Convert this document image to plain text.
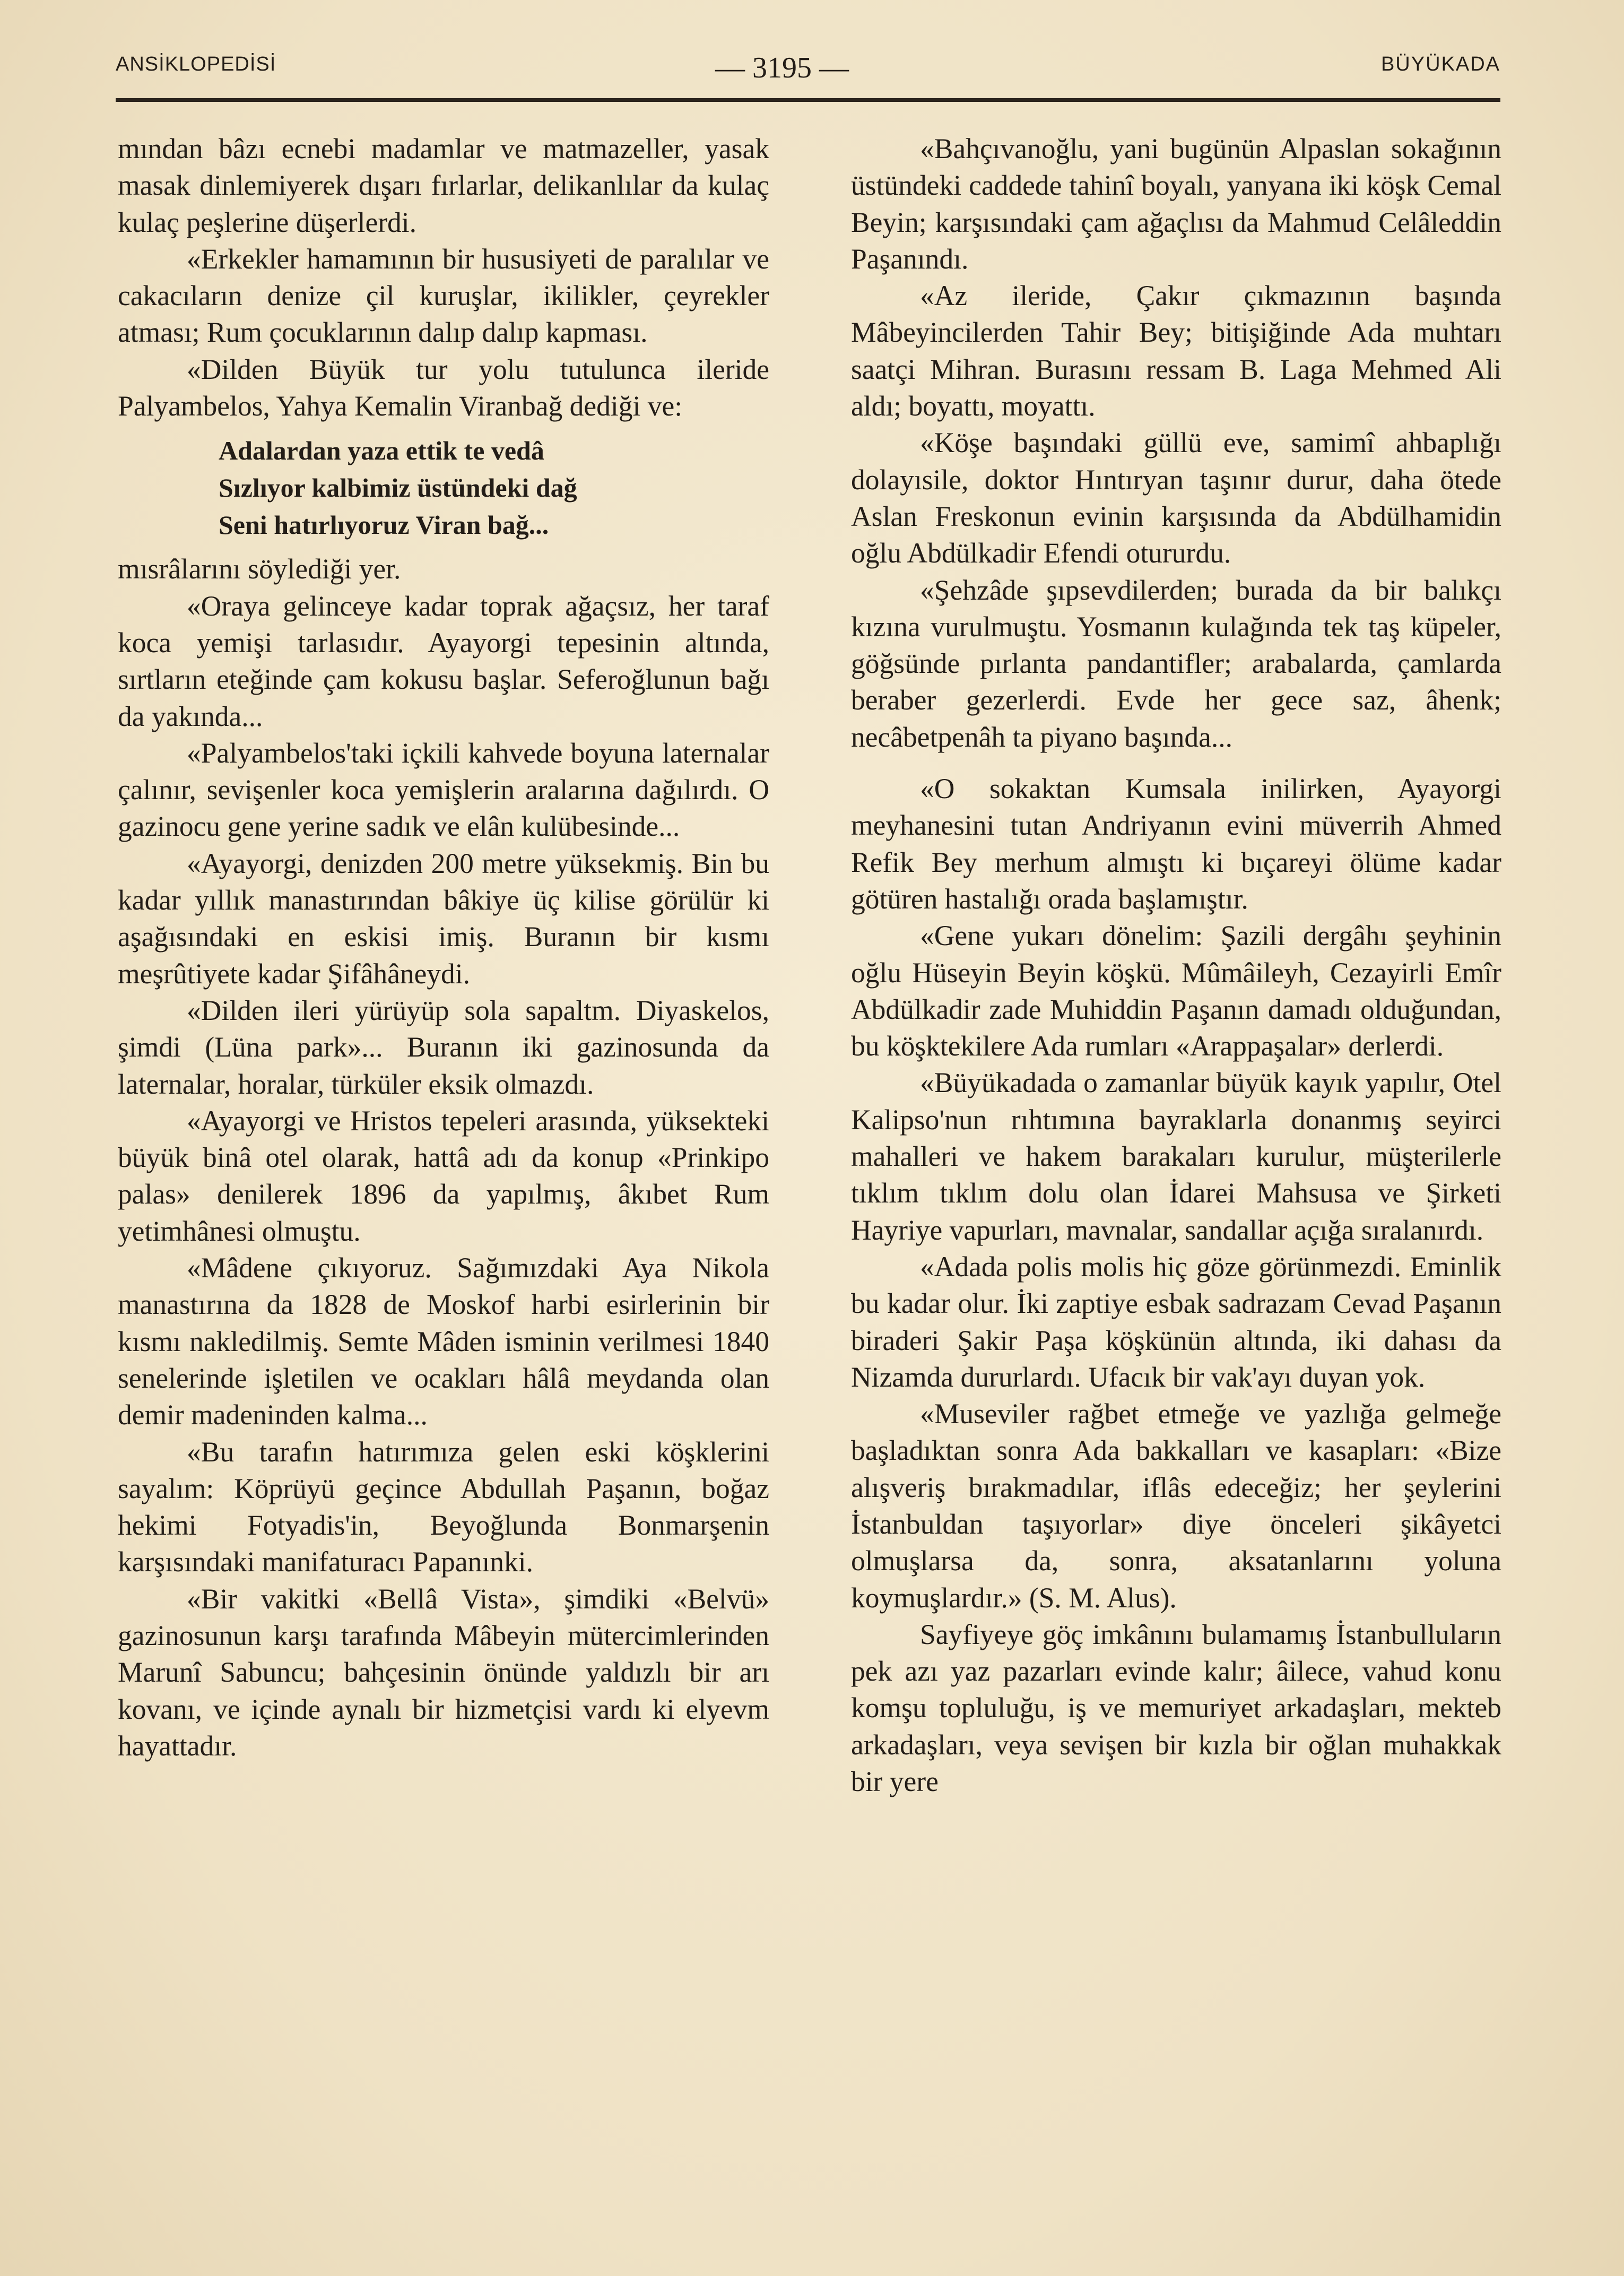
ANSİKLOPEDİSİ	— 3195 —	BÜYÜKADA

mından bâzı ecnebi madamlar ve matmazeller, yasak masak dinlemiyerek dışarı fırlarlar, delikanlılar da kulaç kulaç peşlerine düşerlerdi.

«Erkekler hamamının bir hususiyeti de paralılar ve cakacıların denize çil kuruşlar, ikilikler, çeyrekler atması; Rum çocuklarının dalıp dalıp kapması.

«Dilden Büyük tur yolu tutulunca ileride Palyambelos, Yahya Kemalin Viranbağ dediği ve:

Adalardan yaza ettik te vedâ
Sızlıyor kalbimiz üstündeki dağ
Seni hatırlıyoruz Viran bağ...

mısrâlarını söylediği yer.

«Oraya gelinceye kadar toprak ağaçsız, her taraf koca yemişi tarlasıdır. Ayayorgi tepesinin altında, sırtların eteğinde çam kokusu başlar. Seferoğlunun bağı da yakında...

«Palyambelos'taki içkili kahvede boyuna laternalar çalınır, sevişenler koca yemişlerin aralarına dağılırdı. O gazinocu gene yerine sadık ve elân kulübesinde...

«Ayayorgi, denizden 200 metre yüksekmiş. Bin bu kadar yıllık manastırından bâkiye üç kilise görülür ki aşağısındaki en eskisi imiş. Buranın bir kısmı meşrûtiyete kadar Şifâhâneydi.

«Dilden ileri yürüyüp sola sapaltm. Diyaskelos, şimdi (Lüna park»... Buranın iki gazinosunda da laternalar, horalar, türküler eksik olmazdı.

«Ayayorgi ve Hristos tepeleri arasında, yüksekteki büyük binâ otel olarak, hattâ adı da konup «Prinkipo palas» denilerek 1896 da yapılmış, âkıbet Rum yetimhânesi olmuştu.

«Mâdene çıkıyoruz. Sağımızdaki Aya Nikola manastırına da 1828 de Moskof harbi esirlerinin bir kısmı nakledilmiş. Semte Mâden isminin verilmesi 1840 senelerinde işletilen ve ocakları hâlâ meydanda olan demir madeninden kalma...

«Bu tarafın hatırımıza gelen eski köşklerini sayalım: Köprüyü geçince Abdullah Paşanın, boğaz hekimi Fotyadis'in, Beyoğlunda Bonmarşenin karşısındaki manifaturacı Papanınki.

«Bir vakitki «Bellâ Vista», şimdiki «Belvü» gazinosunun karşı tarafında Mâbeyin mütercimlerinden Marunî Sabuncu; bahçesinin önünde yaldızlı bir arı kovanı, ve içinde aynalı bir hizmetçisi vardı ki elyevm hayattadır.

«Bahçıvanoğlu, yani bugünün Alpaslan sokağının üstündeki caddede tahinî boyalı, yanyana iki köşk Cemal Beyin; karşısındaki çam ağaçlısı da Mahmud Celâleddin Paşanındı.

«Az ileride, Çakır çıkmazının başında Mâbeyincilerden Tahir Bey; bitişiğinde Ada muhtarı saatçi Mihran. Burasını ressam B. Laga Mehmed Ali aldı; boyattı, moyattı.

«Köşe başındaki güllü eve, samimî ahbaplığı dolayısile, doktor Hıntıryan taşınır durur, daha ötede Aslan Freskonun evinin karşısında da Abdülhamidin oğlu Abdülkadir Efendi otururdu.

«Şehzâde şıpsevdilerden; burada da bir balıkçı kızına vurulmuştu. Yosmanın kulağında tek taş küpeler, göğsünde pırlanta pandantifler; arabalarda, çamlarda beraber gezerlerdi. Evde her gece saz, âhenk; necâbetpenâh ta piyano başında...

«O sokaktan Kumsala inilirken, Ayayorgi meyhanesini tutan Andriyanın evini müverrih Ahmed Refik Bey merhum almıştı ki bıçareyi ölüme kadar götüren hastalığı orada başlamıştır.

«Gene yukarı dönelim: Şazili dergâhı şeyhinin oğlu Hüseyin Beyin köşkü. Mûmâileyh, Cezayirli Emîr Abdülkadir zade Muhiddin Paşanın damadı olduğundan, bu köşktekilere Ada rumları «Arappaşalar» derlerdi.

«Büyükadada o zamanlar büyük kayık yapılır, Otel Kalipso'nun rıhtımına bayraklarla donanmış seyirci mahalleri ve hakem barakaları kurulur, müşterilerle tıklım tıklım dolu olan İdarei Mahsusa ve Şirketi Hayriye vapurları, mavnalar, sandallar açığa sıralanırdı.

«Adada polis molis hiç göze görünmezdi. Eminlik bu kadar olur. İki zaptiye esbak sadrazam Cevad Paşanın biraderi Şakir Paşa köşkünün altında, iki dahası da Nizamda dururlardı. Ufacık bir vak'ayı duyan yok.

«Museviler rağbet etmeğe ve yazlığa gelmeğe başladıktan sonra Ada bakkalları ve kasapları: «Bize alışveriş bırakmadılar, iflâs edeceğiz; her şeylerini İstanbuldan taşıyorlar» diye önceleri şikâyetci olmuşlarsa da, sonra, aksatanlarını yoluna koymuşlardır.» (S. M. Alus).

Sayfiyeye göç imkânını bulamamış İstanbulluların pek azı yaz pazarları evinde kalır; âilece, vahud konu komşu topluluğu, iş ve memuriyet arkadaşları, mekteb arkadaşları, veya sevişen bir kızla bir oğlan muhakkak bir yere
